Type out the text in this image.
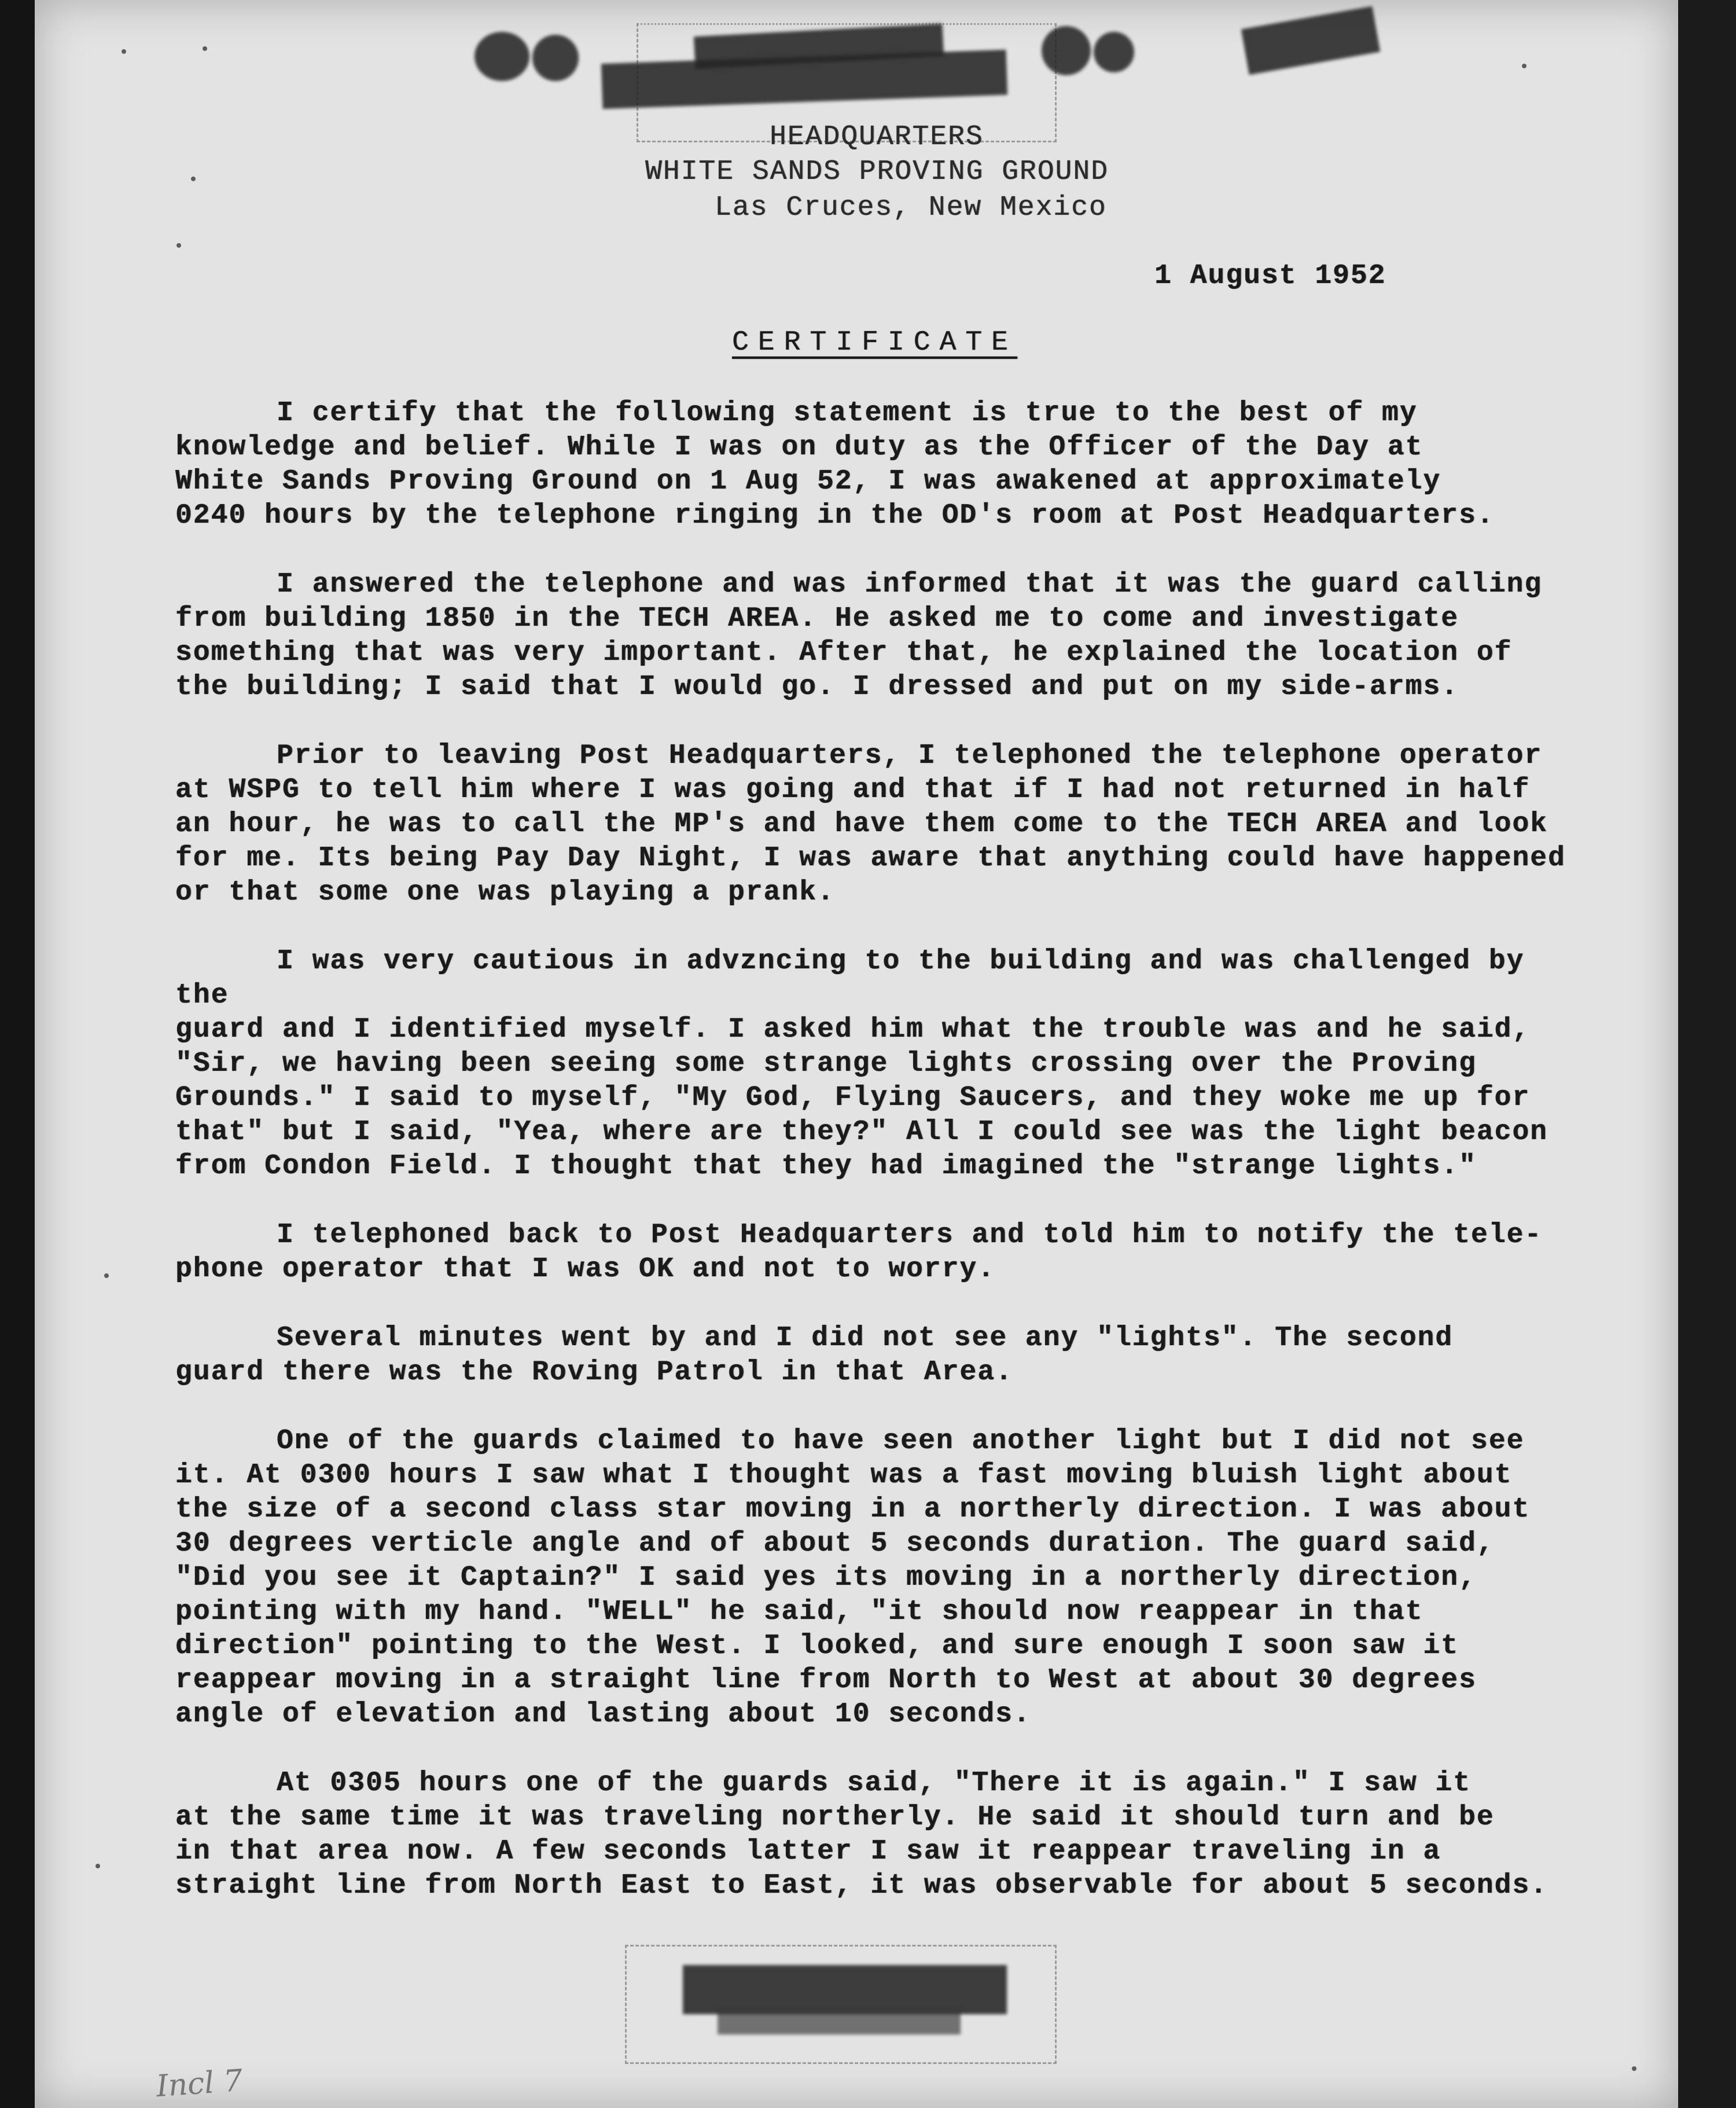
HEADQUARTERS
WHITE SANDS PROVING GROUND
Las Cruces, New Mexico
1 August 1952
CERTIFICATE

I certify that the following statement is true to the best of my
knowledge and belief. While I was on duty as the Officer of the Day at
White Sands Proving Ground on 1 Aug 52, I was awakened at approximately
0240 hours by the telephone ringing in the OD's room at Post Headquarters.

I answered the telephone and was informed that it was the guard calling
from building 1850 in the TECH AREA. He asked me to come and investigate
something that was very important. After that, he explained the location of
the building; I said that I would go. I dressed and put on my side-arms.

Prior to leaving Post Headquarters, I telephoned the telephone operator
at WSPG to tell him where I was going and that if I had not returned in half
an hour, he was to call the MP's and have them come to the TECH AREA and look
for me. Its being Pay Day Night, I was aware that anything could have happened
or that some one was playing a prank.

I was very cautious in advzncing to the building and was challenged by the
guard and I identified myself. I asked him what the trouble was and he said,
"Sir, we having been seeing some strange lights crossing over the Proving
Grounds." I said to myself, "My God, Flying Saucers, and they woke me up for
that" but I said, "Yea, where are they?" All I could see was the light beacon
from Condon Field. I thought that they had imagined the "strange lights."

I telephoned back to Post Headquarters and told him to notify the tele-
phone operator that I was OK and not to worry.

Several minutes went by and I did not see any "lights". The second
guard there was the Roving Patrol in that Area.

One of the guards claimed to have seen another light but I did not see
it. At 0300 hours I saw what I thought was a fast moving bluish light about
the size of a second class star moving in a northerly direction. I was about
30 degrees verticle angle and of about 5 seconds duration. The guard said,
"Did you see it Captain?" I said yes its moving in a northerly direction,
pointing with my hand. "WELL" he said, "it should now reappear in that
direction" pointing to the West. I looked, and sure enough I soon saw it
reappear moving in a straight line from North to West at about 30 degrees
angle of elevation and lasting about 10 seconds.

At 0305 hours one of the guards said, "There it is again." I saw it
at the same time it was traveling northerly. He said it should turn and be
in that area now. A few seconds latter I saw it reappear traveling in a
straight line from North East to East, it was observable for about 5 seconds.

Incl 7
